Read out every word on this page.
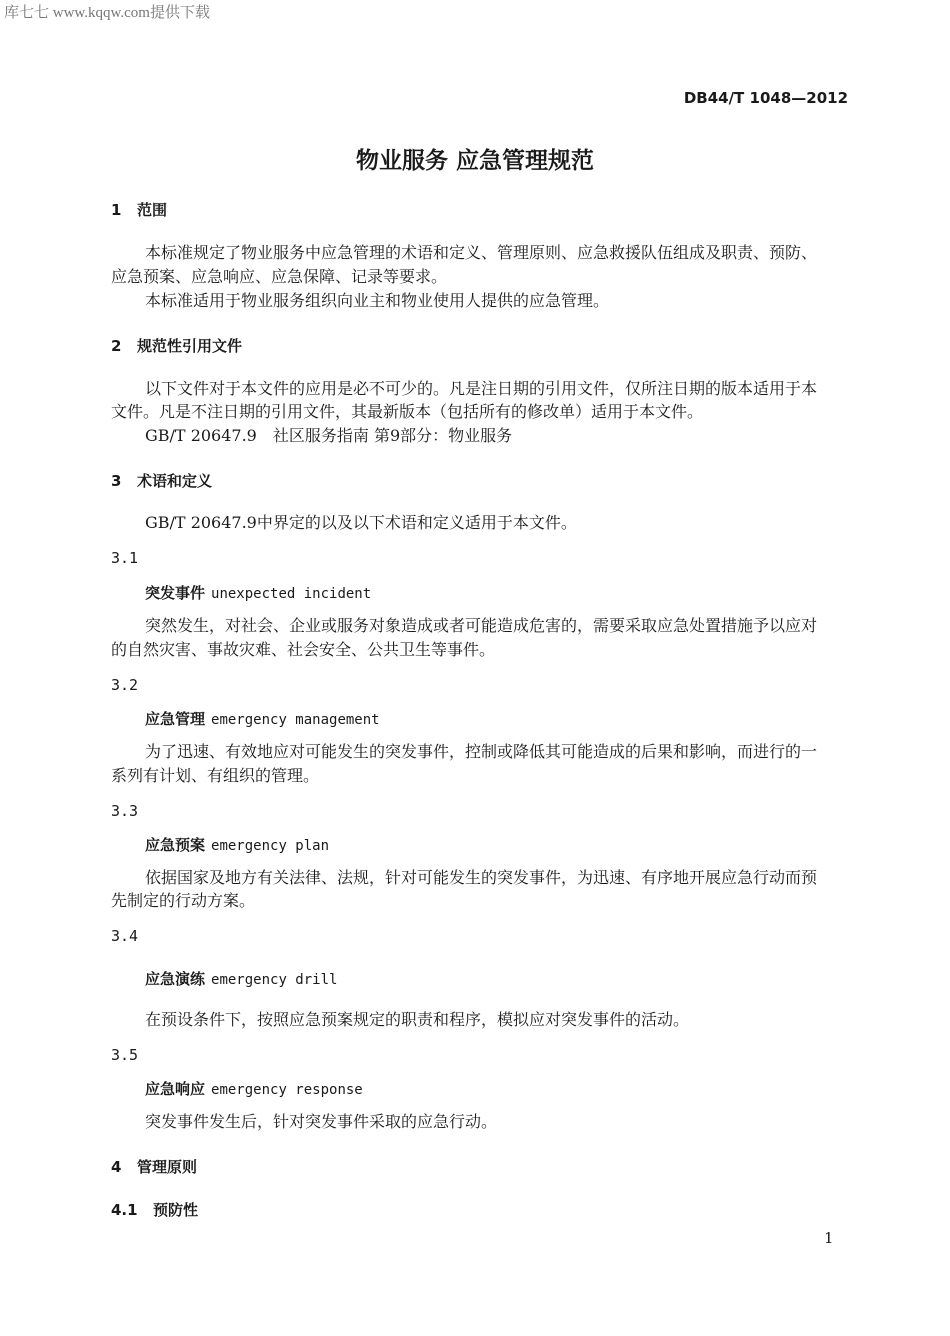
库七七 www.kqqw.com提供下载
DB44/T 1048—2012
物业服务 应急管理规范
1 范围
本标准规定了物业服务中应急管理的术语和定义、管理原则、应急救援队伍组成及职责、预防、
应急预案、应急响应、应急保障、记录等要求。
本标准适用于物业服务组织向业主和物业使用人提供的应急管理。
2 规范性引用文件
以下文件对于本文件的应用是必不可少的。凡是注日期的引用文件，仅所注日期的版本适用于本
文件。凡是不注日期的引用文件，其最新版本（包括所有的修改单）适用于本文件。
GB/T 20647.9　社区服务指南 第9部分：物业服务
3 术语和定义
GB/T 20647.9中界定的以及以下术语和定义适用于本文件。
3.1
突发事件 unexpected incident
突然发生，对社会、企业或服务对象造成或者可能造成危害的，需要采取应急处置措施予以应对
的自然灾害、事故灾难、社会安全、公共卫生等事件。
3.2
应急管理 emergency management
为了迅速、有效地应对可能发生的突发事件，控制或降低其可能造成的后果和影响，而进行的一
系列有计划、有组织的管理。
3.3
应急预案 emergency plan
依据国家及地方有关法律、法规，针对可能发生的突发事件，为迅速、有序地开展应急行动而预
先制定的行动方案。
3.4
应急演练 emergency drill
在预设条件下，按照应急预案规定的职责和程序，模拟应对突发事件的活动。
3.5
应急响应 emergency response
突发事件发生后，针对突发事件采取的应急行动。
4 管理原则
4.1 预防性
1
